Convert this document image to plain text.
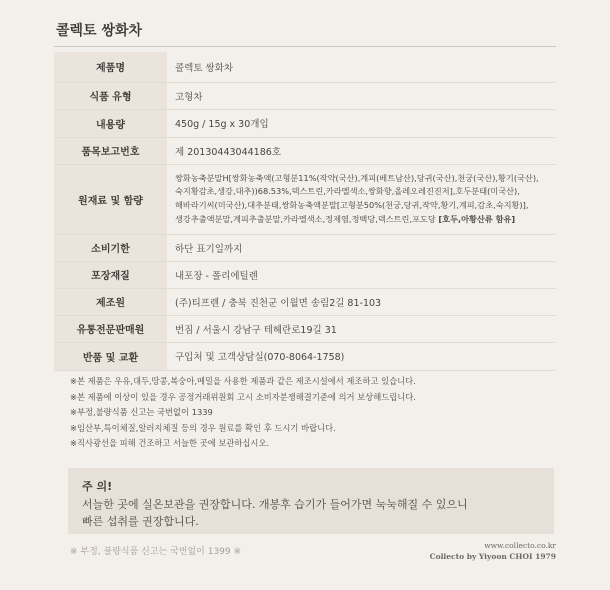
콜렉토 쌍화차
제품명	콜렉토 쌍화차
식품 유형	고형차
내용량	450g / 15g x 30개입
품목보고번호	제 20130443044186호
원재료 및 함량	쌍화농축분말H[쌍화농축액(고형분11%(작약(국산),계피(베트남산),당귀(국산),천궁(국산),황기(국산),
숙지황감초,생강,대추))68.53%,덱스트린,카라멜색소,쌍화향,올레오레진진저],호두분태(미국산),
해바라기씨(미국산),대추분태,쌍화농축액분말[고형분50%(천궁,당귀,작약,황기,계피,감초,숙지황)],
생강추출액분말,계피추출분말,카라멜색소,정제염,정백당,덱스트린,포도당 [호두,아황산류 함유]

소비기한	하단 표기일까지
포장재질	내포장 - 폴리에틸렌
제조원	(주)티프렌 / 충북 진천군 이월면 송림2길 81-103
유통전문판매원	번짐 / 서울시 강남구 테헤란로19길 31
반품 및 교환	구입처 및 고객상담실(070-8064-1758)
※본 제품은 우유,대두,땅콩,복숭아,메밀을 사용한 제품과 같은 제조시설에서 제조하고 있습니다.
※본 제품에 이상이 있을 경우 공정거래위원회 고시 소비자분쟁해결기준에 의거 보상해드립니다.
※부정,불량식품 신고는 국번없이 1339
※임산부,특이체질,알러지체질 등의 경우 원료를 확인 후 드시기 바랍니다.
※직사광선을 피해 건조하고 서늘한 곳에 보관하십시오.
주 의!
서늘한 곳에 실온보관을 권장합니다. 개봉후 습기가 들어가면 눅눅해질 수 있으니
빠른 섭취를 권장합니다.
※ 부정, 불량식품 신고는 국번없이 1399 ※
www.collecto.co.kr
Collecto by Yiyoon CHOI 1979
